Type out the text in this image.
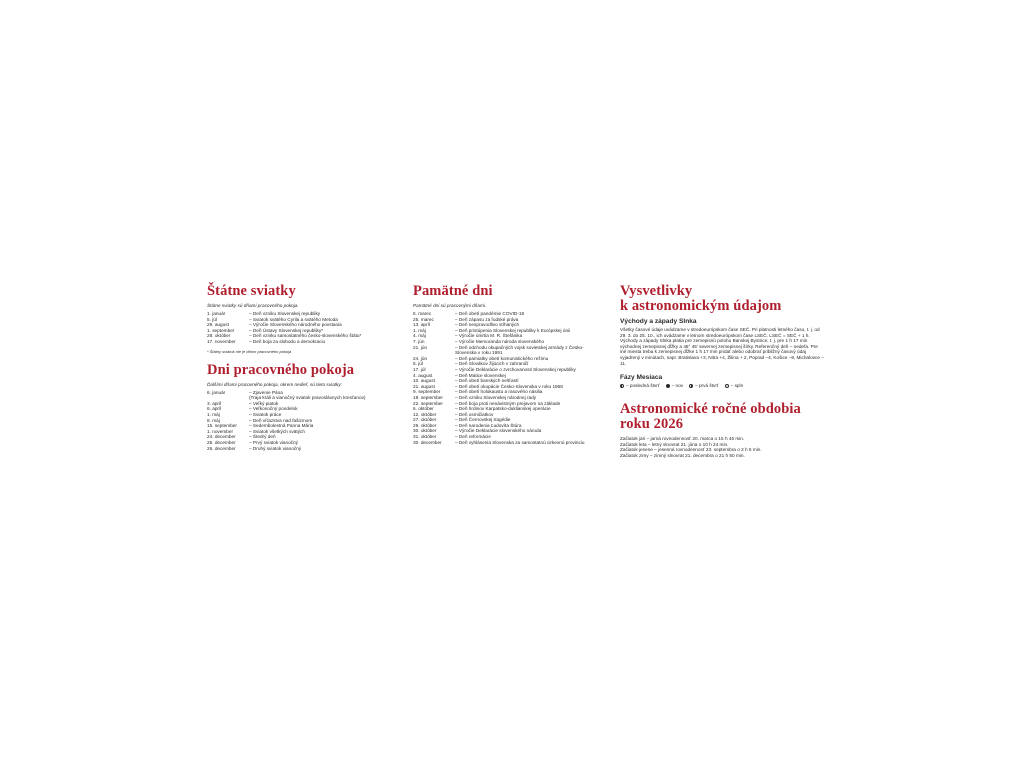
Štátne sviatky
Štátne sviatky sú dňami pracovného pokoja.
1. január	– Deň vzniku Slovenskej republiky
5. júl	– Sviatok svätého Cyrila a svätého Metoda
29. august	– Výročie Slovenského národného povstania
1. september	– Deň Ústavy Slovenskej republiky*
28. október	– Deň vzniku samostatného česko-slovenského štátu*
17. november	– Deň boja za slobodu a demokraciu
* Štátny sviatok nie je dňom pracovného pokoja
Dni pracovného pokoja
Ďalšími dňami pracovného pokoja, okrem nedieľ, sú tieto sviatky:
6. január	– Zjavenie Pána
(Traja králi a vianočný sviatok pravoslávnych kresťanov)
3. apríl	– Veľký piatok
6. apríl	– Veľkonočný pondelok
1. máj	– Sviatok práce
8. máj	– Deň víťazstva nad fašizmom
15. september	– Sedembolestná Panna Mária
1. november	– Sviatok všetkých svätých
24. december	– Štedrý deň
25. december	– Prvý sviatok vianočný
26. december	– Druhý sviatok vianočný
Pamätné dni
Pamätné dni sú pracovnými dňami.
6. marec	– Deň obetí pandémie COVID-19
25. marec	– Deň zápasu za ľudské práva
13. apríl	– Deň nespravodlivo stíhaných
1. máj	– Deň pristúpenia Slovenskej republiky k Európskej únii
4. máj	– Výročie úmrtia M. R. Štefánika
7. jún	– Výročie Memoranda národa slovenského
21. jún	– Deň odchodu okupačných vojsk sovietskej armády z Česko-Slovenska v roku 1991
24. jún	– Deň pamiatky obetí komunistického režimu
5. júl	– Deň Slovákov žijúcich v zahraničí
17. júl	– Výročie Deklarácie o zvrchovanosti Slovenskej republiky
4. august	– Deň Matice slovenskej
10. august	– Deň obetí banských nešťastí
21. august	– Deň obetí okupácie Česko-Slovenska v roku 1968
9. september	– Deň obetí holokaustu a rasového násilia
19. september	– Deň vzniku Slovenskej národnej rady
22. september	– Deň boja proti nenávistným prejavom na základe
6. október	– Deň hrdinov Karpatsko-duklianskej operácie
12. október	– Deň osmičiatkov
27. október	– Deň Černovskej tragédie
29. október	– Deň narodenia Ľudovíta Štúra
30. október	– Výročie Deklarácie slovenského národa
31. október	– Deň reformácie
30. december	– Deň vyhlásenia Slovenska za samostatnú cirkevnú provinciu
Vysvetlivky
k astronomickým údajom
Východy a západy Slnka
Všetky časové údaje uvádzame v stredoeurópskom čase SEČ. Pri platnosti letného času, t. j. od 29. 3. do 25. 10., ich uvádzame v letnom stredoeurópskom čase LSEČ. LSEČ = SEČ + 1 h.
Východy a západy Slnka platia pre zemepisnú polohu Banskej Bystrice, t. j. pre 1 h 17 min východnej zemepisnej dĺžky a 48° 45' severnej zemepisnej šírky. Referenčný deň – nedeľa. Pre iné miesta treba k zemepisnej dĺžke 1 h 17 min pridať alebo odobrať približný časový údaj vyjadrený v minútach, napr. Bratislava +3, Nitra +4, Žilina + 2, Poprad –4, Košice –8, Michalovce – 11.
Fázy Mesiaca
– posledná štvrť	– nov	– prvá štvrť	– spln
Astronomické ročné obdobia
roku 2026
Začiatok jari – jarná rovnodennosť 20. marca o 15 h 46 min.
Začiatok leta – letný slnovrat 21. júna o 10 h 24 min.
Začiatok jesene – jesenná rovnodennosť 23. septembra o 2 h 5 min.
Začiatok zimy – zimný slnovrat 21. decembra o 21 h 50 min.
